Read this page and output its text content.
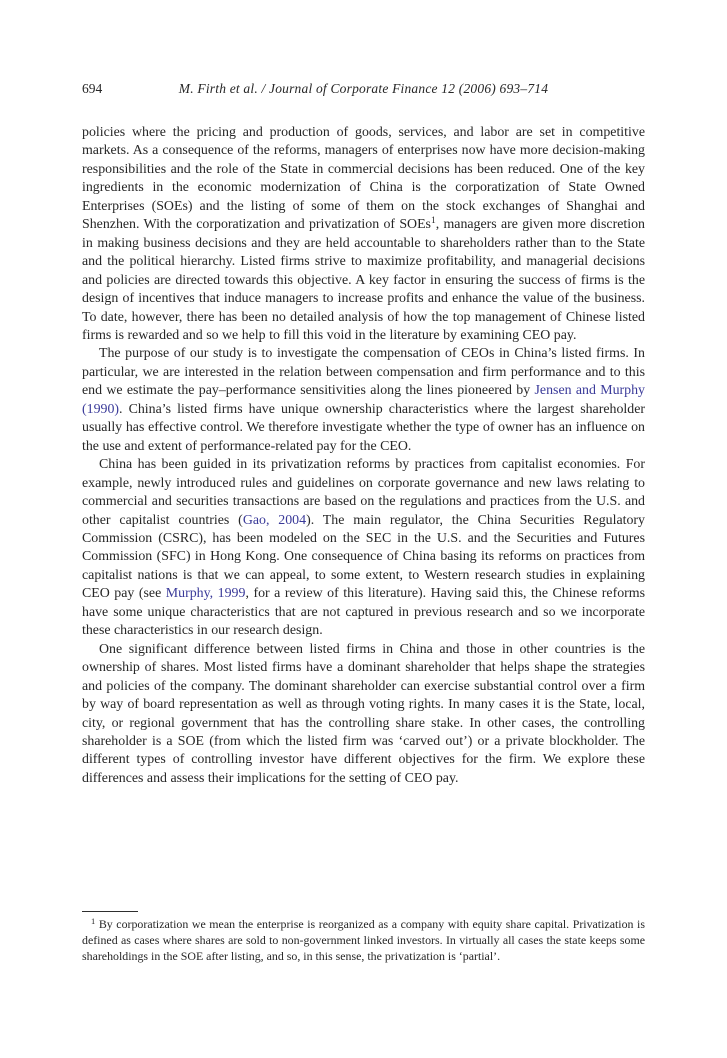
694	M. Firth et al. / Journal of Corporate Finance 12 (2006) 693–714

policies where the pricing and production of goods, services, and labor are set in competitive markets. As a consequence of the reforms, managers of enterprises now have more decision-making responsibilities and the role of the State in commercial decisions has been reduced. One of the key ingredients in the economic modernization of China is the corporatization of State Owned Enterprises (SOEs) and the listing of some of them on the stock exchanges of Shanghai and Shenzhen. With the corporatization and privatization of SOEs$^1$, managers are given more discretion in making business decisions and they are held accountable to shareholders rather than to the State and the political hierarchy. Listed firms strive to maximize profitability, and managerial decisions and policies are directed towards this objective. A key factor in ensuring the success of firms is the design of incentives that induce managers to increase profits and enhance the value of the business. To date, however, there has been no detailed analysis of how the top management of Chinese listed firms is rewarded and so we help to fill this void in the literature by examining CEO pay.

The purpose of our study is to investigate the compensation of CEOs in China’s listed firms. In particular, we are interested in the relation between compensation and firm performance and to this end we estimate the pay–performance sensitivities along the lines pioneered by Jensen and Murphy (1990). China’s listed firms have unique ownership characteristics where the largest shareholder usually has effective control. We therefore investigate whether the type of owner has an influence on the use and extent of performance-related pay for the CEO.

China has been guided in its privatization reforms by practices from capitalist economies. For example, newly introduced rules and guidelines on corporate governance and new laws relating to commercial and securities transactions are based on the regulations and practices from the U.S. and other capitalist countries (Gao, 2004). The main regulator, the China Securities Regulatory Commission (CSRC), has been modeled on the SEC in the U.S. and the Securities and Futures Commission (SFC) in Hong Kong. One consequence of China basing its reforms on practices from capitalist nations is that we can appeal, to some extent, to Western research studies in explaining CEO pay (see Murphy, 1999, for a review of this literature). Having said this, the Chinese reforms have some unique characteristics that are not captured in previous research and so we incorporate these characteristics in our research design.

One significant difference between listed firms in China and those in other countries is the ownership of shares. Most listed firms have a dominant shareholder that helps shape the strategies and policies of the company. The dominant shareholder can exercise substantial control over a firm by way of board representation as well as through voting rights. In many cases it is the State, local, city, or regional government that has the controlling share stake. In other cases, the controlling shareholder is a SOE (from which the listed firm was ‘carved out’) or a private blockholder. The different types of controlling investor have different objectives for the firm. We explore these differences and assess their implications for the setting of CEO pay.

$^1$ By corporatization we mean the enterprise is reorganized as a company with equity share capital. Privatization is defined as cases where shares are sold to non-government linked investors. In virtually all cases the state keeps some shareholdings in the SOE after listing, and so, in this sense, the privatization is ‘partial’.
